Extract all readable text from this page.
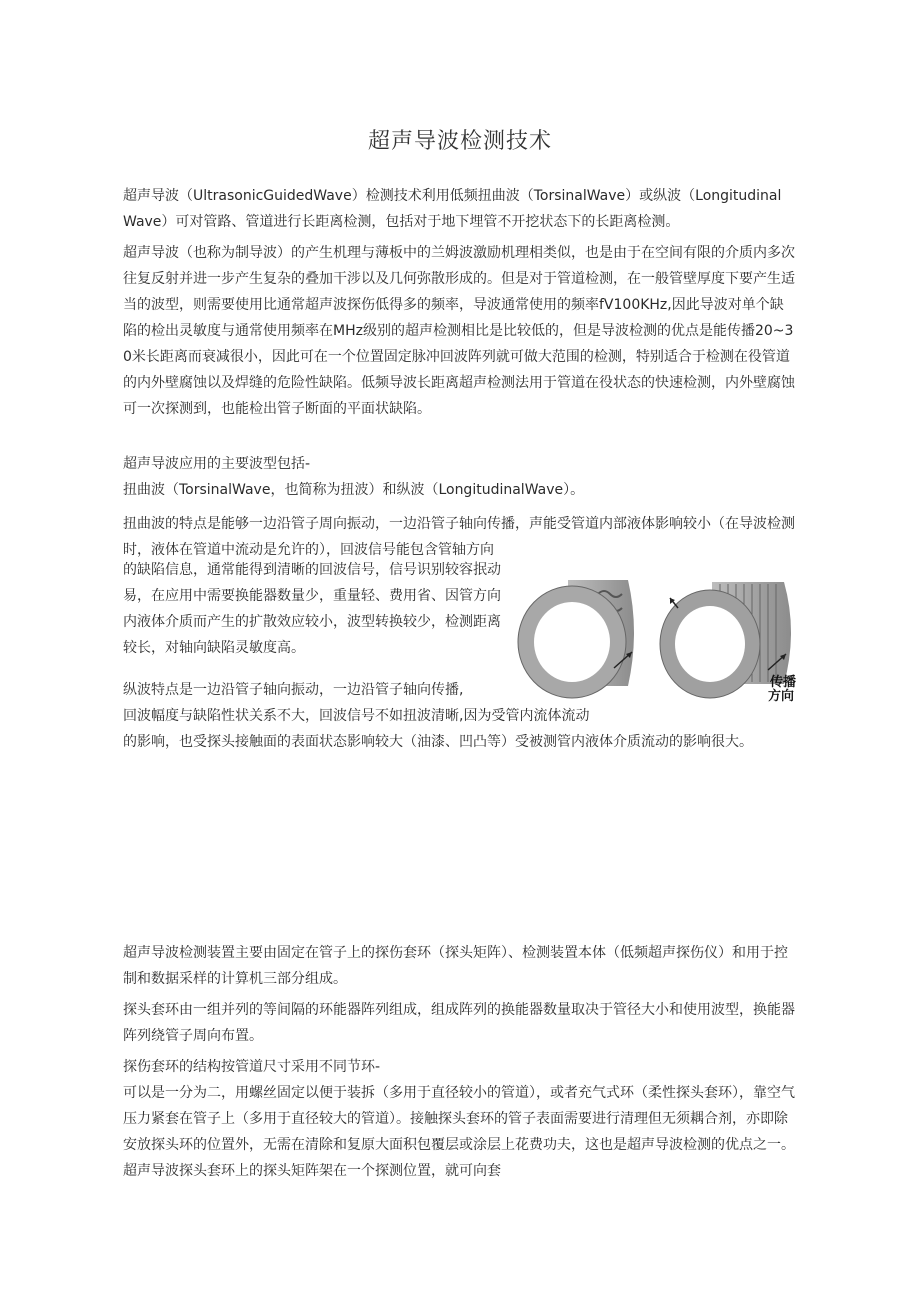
超声导波检测技术

超声导波（UltrasonicGuidedWave）检测技术利用低频扭曲波（TorsinalWave）或纵波（LongitudinalWave）可对管路、管道进行长距离检测，包括对于地下埋管不开挖状态下的长距离检测。

超声导波（也称为制导波）的产生机理与薄板中的兰姆波激励机理相类似，也是由于在空间有限的介质内多次往复反射并进一步产生复杂的叠加干涉以及几何弥散形成的。但是对于管道检测，在一般管壁厚度下要产生适当的波型，则需要使用比通常超声波探伤低得多的频率，导波通常使用的频率fV100KHz,因此导波对单个缺陷的检出灵敏度与通常使用频率在MHz级别的超声检测相比是比较低的，但是导波检测的优点是能传播20~30米长距离而衰减很小，因此可在一个位置固定脉冲回波阵列就可做大范围的检测，特别适合于检测在役管道的内外壁腐蚀以及焊缝的危险性缺陷。低频导波长距离超声检测法用于管道在役状态的快速检测，内外壁腐蚀可一次探测到，也能检出管子断面的平面状缺陷。

超声导波应用的主要波型包括-

扭曲波（TorsinalWave，也简称为扭波）和纵波（LongitudinalWave）。

扭曲波的特点是能够一边沿管子周向振动，一边沿管子轴向传播，声能受管道内部液体影响较小（在导波检测时，液体在管道中流动是允许的），回波信号能包含管轴方向

的缺陷信息，通常能得到清晰的回波信号，信号识别较容抿动易，在应用中需要换能器数量少，重量轻、费用省、因管方向内液体介质而产生的扩散效应较小，波型转换较少，检测距离较长，对轴向缺陷灵敏度高。

纵波特点是一边沿管子轴向振动，一边沿管子轴向传播,

回波幅度与缺陷性状关系不大，回波信号不如扭波清晰,因为受管内流体流动

的影响，也受探头接触面的表面状态影响较大（油漆、凹凸等）受被测管内液体介质流动的影响很大。

超声导波检测装置主要由固定在管子上的探伤套环（探头矩阵）、检测装置本体（低频超声探伤仪）和用于控制和数据采样的计算机三部分组成。

探头套环由一组并列的等间隔的环能器阵列组成，组成阵列的换能器数量取决于管径大小和使用波型，换能器阵列绕管子周向布置。

探伤套环的结构按管道尺寸采用不同节环-

可以是一分为二，用螺丝固定以便于装拆（多用于直径较小的管道），或者充气式环（柔性探头套环），靠空气压力紧套在管子上（多用于直径较大的管道）。接触探头套环的管子表面需要进行清理但无须耦合剂，亦即除安放探头环的位置外，无需在清除和复原大面积包覆层或涂层上花费功夫，这也是超声导波检测的优点之一。超声导波探头套环上的探头矩阵架在一个探测位置，就可向套

传播
方向
